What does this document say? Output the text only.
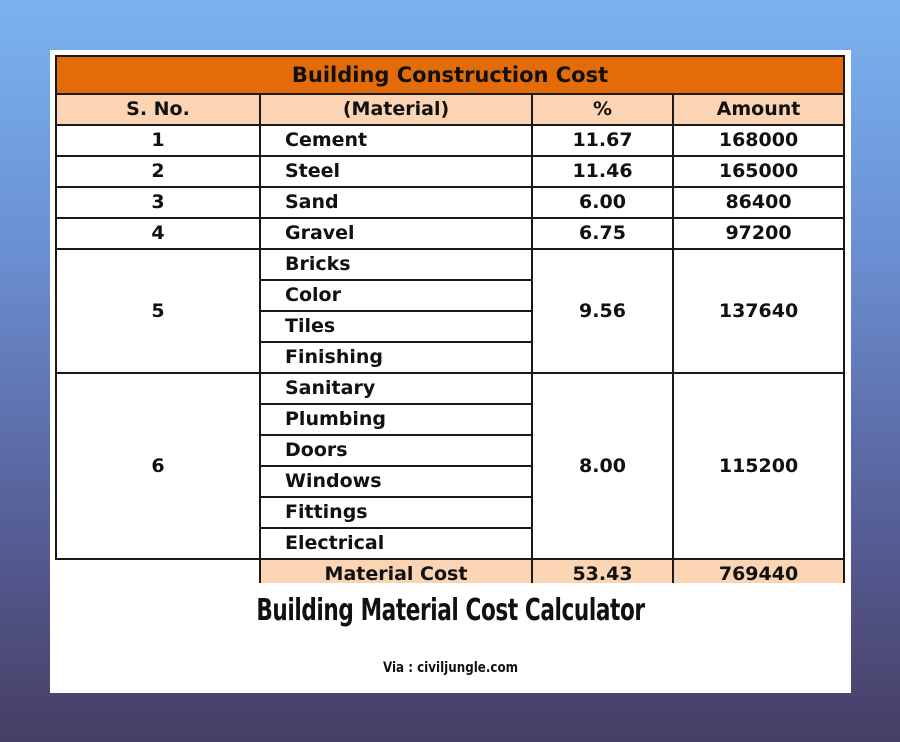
Building Construction Cost			
S. No.	(Material)	%	Amount
1	Cement	11.67	168000
2	Steel	11.46	165000
3	Sand	6.00	86400
4	Gravel	6.75	97200
5	Bricks	9.56	137640
	Color		
	Tiles		
	Finishing		
6	Sanitary	8.00	115200
	Plumbing		
	Doors		
	Windows		
	Fittings		
	Electrical		
	Material Cost	53.43	769440
Building Material Cost Calculator
Via : civiljungle.com
